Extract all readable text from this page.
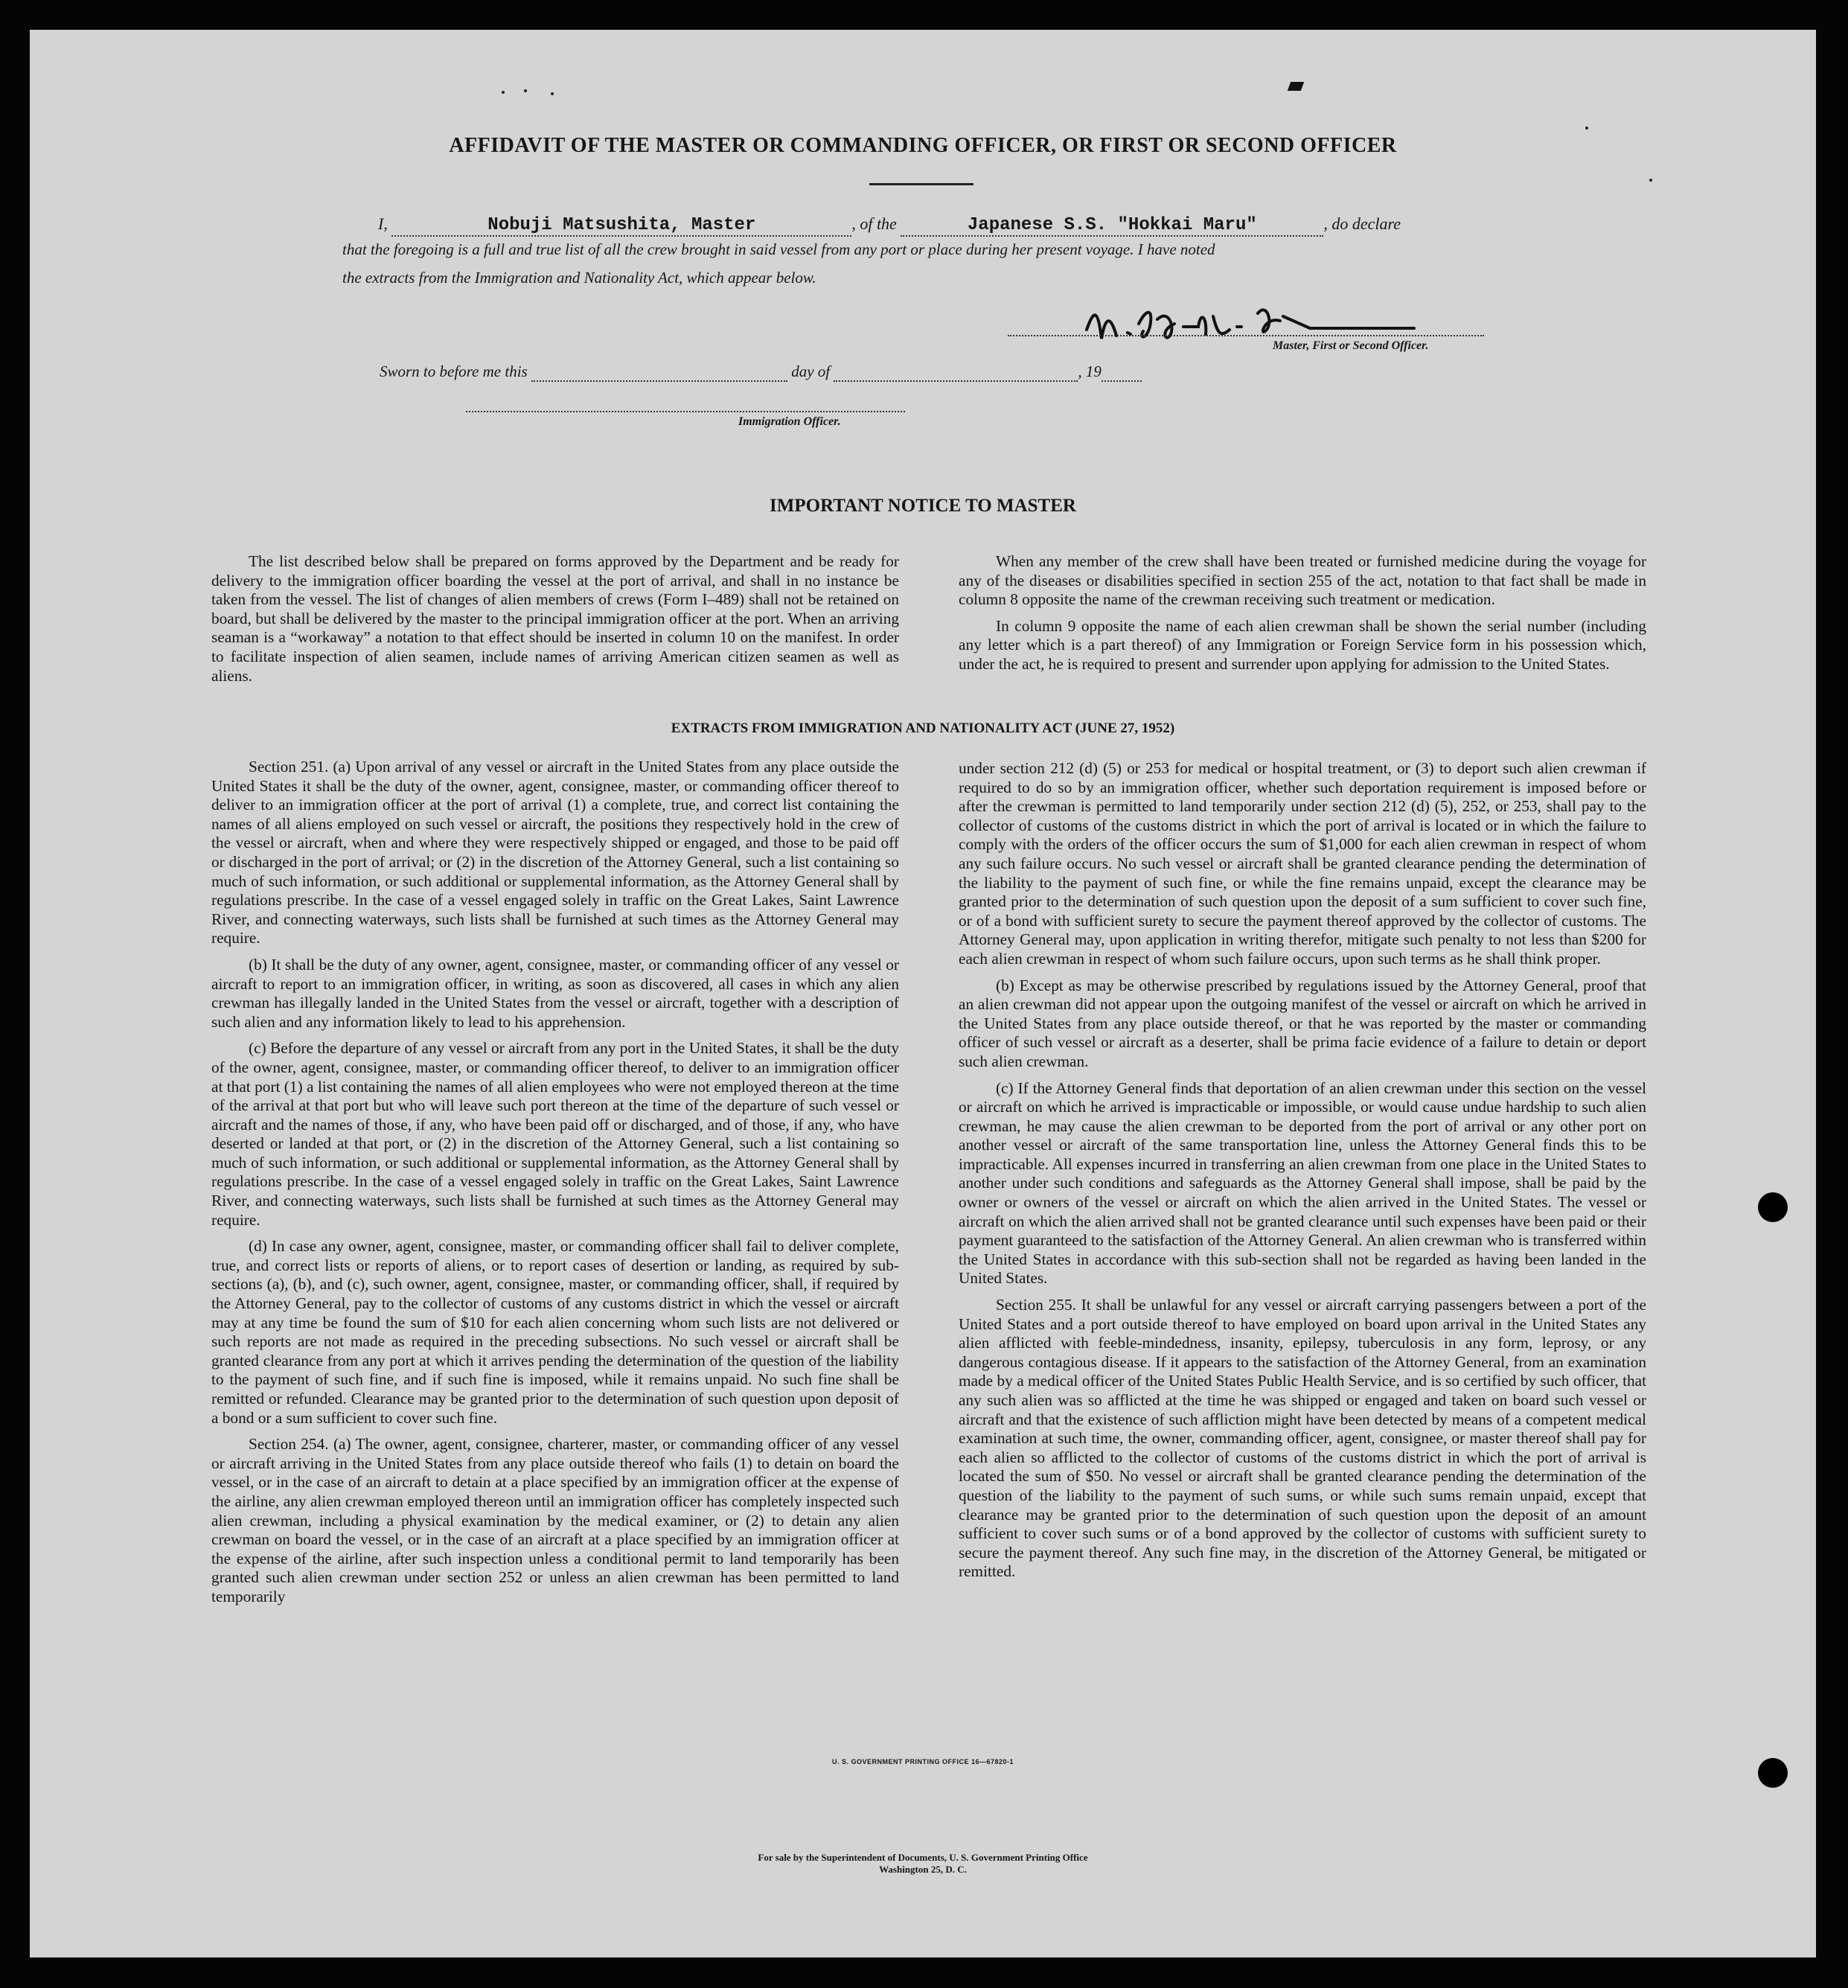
AFFIDAVIT OF THE MASTER OR COMMANDING OFFICER, OR FIRST OR SECOND OFFICER
I,	Nobuji Matsushita, Master	, of the	Japanese S.S. "Hokkai Maru"	, do declare
that the foregoing is a full and true list of all the crew brought in said vessel from any port or place during her present voyage. I have noted
the extracts from the Immigration and Nationality Act, which appear below.
Master, First or Second Officer.
Sworn to before me this	day of	, 19
Immigration Officer.
IMPORTANT NOTICE TO MASTER

The list described below shall be prepared on forms approved by the Department and be ready for delivery to the immigration officer boarding the vessel at the port of arrival, and shall in no instance be taken from the vessel. The list of changes of alien members of crews (Form I–489) shall not be retained on board, but shall be delivered by the master to the principal immigration officer at the port. When an arriving seaman is a “workaway” a notation to that effect should be inserted in column 10 on the manifest. In order to facilitate inspection of alien seamen, include names of arriving American citizen seamen as well as aliens.

When any member of the crew shall have been treated or furnished medicine during the voyage for any of the diseases or disabilities specified in section 255 of the act, notation to that fact shall be made in column 8 opposite the name of the crewman receiving such treatment or medication.

In column 9 opposite the name of each alien crewman shall be shown the serial number (including any letter which is a part thereof) of any Immigration or Foreign Service form in his possession which, under the act, he is required to present and surrender upon applying for admission to the United States.

EXTRACTS FROM IMMIGRATION AND NATIONALITY ACT (JUNE 27, 1952)

Section 251. (a) Upon arrival of any vessel or aircraft in the United States from any place outside the United States it shall be the duty of the owner, agent, consignee, master, or commanding officer thereof to deliver to an immigration officer at the port of arrival (1) a complete, true, and correct list containing the names of all aliens employed on such vessel or aircraft, the positions they respectively hold in the crew of the vessel or aircraft, when and where they were respectively shipped or engaged, and those to be paid off or discharged in the port of arrival; or (2) in the discretion of the Attorney General, such a list containing so much of such information, or such additional or supplemental information, as the Attorney General shall by regulations prescribe. In the case of a vessel engaged solely in traffic on the Great Lakes, Saint Lawrence River, and connecting waterways, such lists shall be furnished at such times as the Attorney General may require.

(b) It shall be the duty of any owner, agent, consignee, master, or commanding officer of any vessel or aircraft to report to an immigration officer, in writing, as soon as discovered, all cases in which any alien crewman has illegally landed in the United States from the vessel or aircraft, together with a description of such alien and any information likely to lead to his apprehension.

(c) Before the departure of any vessel or aircraft from any port in the United States, it shall be the duty of the owner, agent, consignee, master, or commanding officer thereof, to deliver to an immigration officer at that port (1) a list containing the names of all alien employees who were not employed thereon at the time of the arrival at that port but who will leave such port thereon at the time of the departure of such vessel or aircraft and the names of those, if any, who have been paid off or discharged, and of those, if any, who have deserted or landed at that port, or (2) in the discretion of the Attorney General, such a list containing so much of such information, or such additional or supplemental information, as the Attorney General shall by regulations prescribe. In the case of a vessel engaged solely in traffic on the Great Lakes, Saint Lawrence River, and connecting waterways, such lists shall be furnished at such times as the Attorney General may require.

(d) In case any owner, agent, consignee, master, or commanding officer shall fail to deliver complete, true, and correct lists or reports of aliens, or to report cases of desertion or landing, as required by sub-sections (a), (b), and (c), such owner, agent, consignee, master, or commanding officer, shall, if required by the Attorney General, pay to the collector of customs of any customs district in which the vessel or aircraft may at any time be found the sum of $10 for each alien concerning whom such lists are not delivered or such reports are not made as required in the preceding subsections. No such vessel or aircraft shall be granted clearance from any port at which it arrives pending the determination of the question of the liability to the payment of such fine, and if such fine is imposed, while it remains unpaid. No such fine shall be remitted or refunded. Clearance may be granted prior to the determination of such question upon deposit of a bond or a sum sufficient to cover such fine.

Section 254. (a) The owner, agent, consignee, charterer, master, or commanding officer of any vessel or aircraft arriving in the United States from any place outside thereof who fails (1) to detain on board the vessel, or in the case of an aircraft to detain at a place specified by an immigration officer at the expense of the airline, any alien crewman employed thereon until an immigration officer has completely inspected such alien crewman, including a physical examination by the medical examiner, or (2) to detain any alien crewman on board the vessel, or in the case of an aircraft at a place specified by an immigration officer at the expense of the airline, after such inspection unless a conditional permit to land temporarily has been granted such alien crewman under section 252 or unless an alien crewman has been permitted to land temporarily

under section 212 (d) (5) or 253 for medical or hospital treatment, or (3) to deport such alien crewman if required to do so by an immigration officer, whether such deportation requirement is imposed before or after the crewman is permitted to land temporarily under section 212 (d) (5), 252, or 253, shall pay to the collector of customs of the customs district in which the port of arrival is located or in which the failure to comply with the orders of the officer occurs the sum of $1,000 for each alien crewman in respect of whom any such failure occurs. No such vessel or aircraft shall be granted clearance pending the determination of the liability to the payment of such fine, or while the fine remains unpaid, except the clearance may be granted prior to the determination of such question upon the deposit of a sum sufficient to cover such fine, or of a bond with sufficient surety to secure the payment thereof approved by the collector of customs. The Attorney General may, upon application in writing therefor, mitigate such penalty to not less than $200 for each alien crewman in respect of whom such failure occurs, upon such terms as he shall think proper.

(b) Except as may be otherwise prescribed by regulations issued by the Attorney General, proof that an alien crewman did not appear upon the outgoing manifest of the vessel or aircraft on which he arrived in the United States from any place outside thereof, or that he was reported by the master or commanding officer of such vessel or aircraft as a deserter, shall be prima facie evidence of a failure to detain or deport such alien crewman.

(c) If the Attorney General finds that deportation of an alien crewman under this section on the vessel or aircraft on which he arrived is impracticable or impossible, or would cause undue hardship to such alien crewman, he may cause the alien crewman to be deported from the port of arrival or any other port on another vessel or aircraft of the same transportation line, unless the Attorney General finds this to be impracticable. All expenses incurred in transferring an alien crewman from one place in the United States to another under such conditions and safeguards as the Attorney General shall impose, shall be paid by the owner or owners of the vessel or aircraft on which the alien arrived in the United States. The vessel or aircraft on which the alien arrived shall not be granted clearance until such expenses have been paid or their payment guaranteed to the satisfaction of the Attorney General. An alien crewman who is transferred within the United States in accordance with this sub-section shall not be regarded as having been landed in the United States.

Section 255. It shall be unlawful for any vessel or aircraft carrying passengers between a port of the United States and a port outside thereof to have employed on board upon arrival in the United States any alien afflicted with feeble-mindedness, insanity, epilepsy, tuberculosis in any form, leprosy, or any dangerous contagious disease. If it appears to the satisfaction of the Attorney General, from an examination made by a medical officer of the United States Public Health Service, and is so certified by such officer, that any such alien was so afflicted at the time he was shipped or engaged and taken on board such vessel or aircraft and that the existence of such affliction might have been detected by means of a competent medical examination at such time, the owner, commanding officer, agent, consignee, or master thereof shall pay for each alien so afflicted to the collector of customs of the customs district in which the port of arrival is located the sum of $50. No vessel or aircraft shall be granted clearance pending the determination of the question of the liability to the payment of such sums, or while such sums remain unpaid, except that clearance may be granted prior to the determination of such question upon the deposit of an amount sufficient to cover such sums or of a bond approved by the collector of customs with sufficient surety to secure the payment thereof. Any such fine may, in the discretion of the Attorney General, be mitigated or remitted.

U. S. GOVERNMENT PRINTING OFFICE 16—67820-1
For sale by the Superintendent of Documents, U. S. Government Printing Office
Washington 25, D. C.
